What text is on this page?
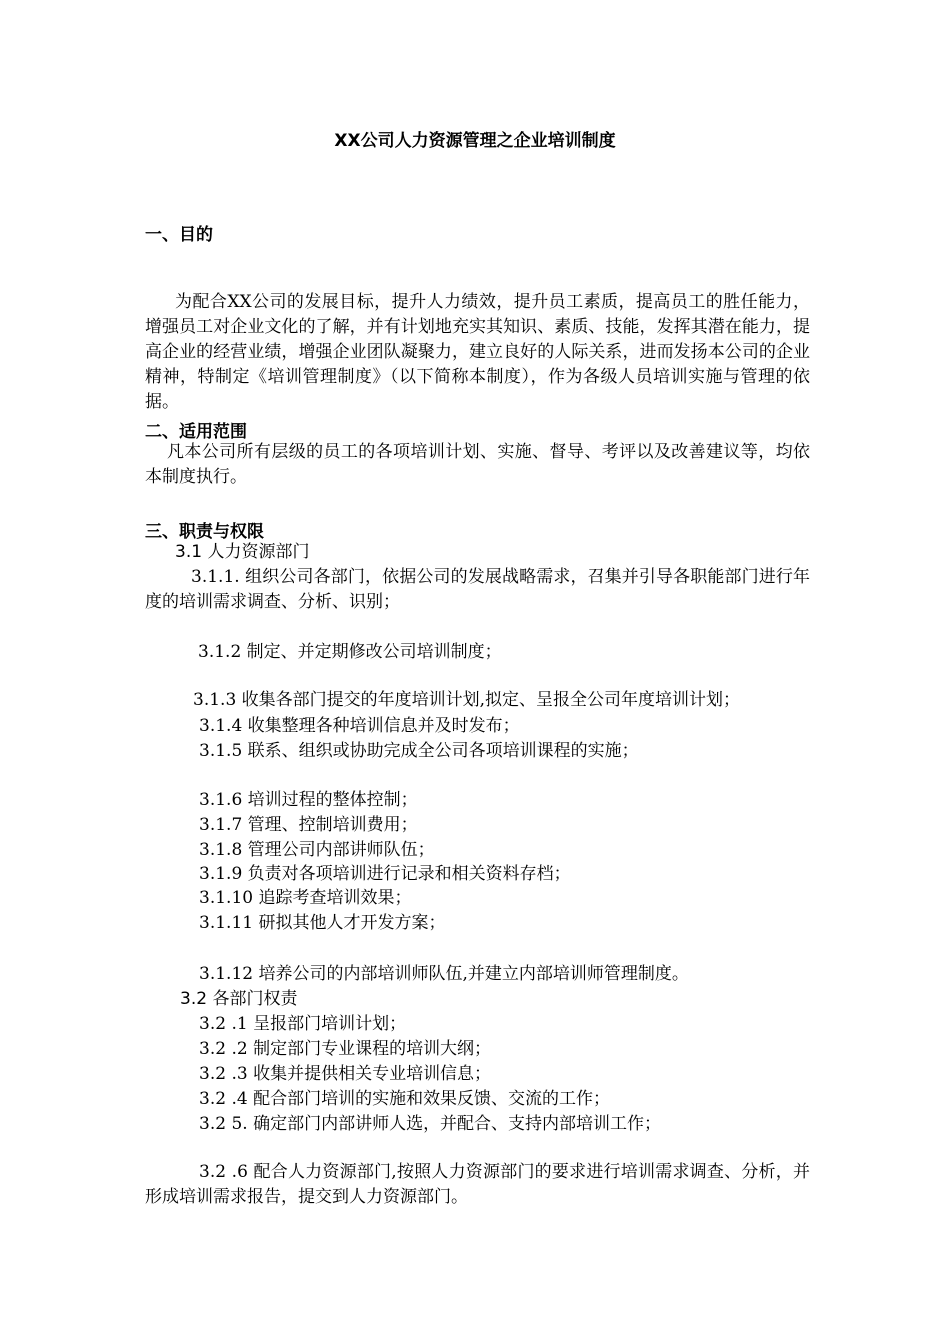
XX公司人力资源管理之企业培训制度
一、目的
为配合XX公司的发展目标，提升人力绩效，提升员工素质，提高员工的胜任能力，增强员工对企业文化的了解，并有计划地充实其知识、素质、技能，发挥其潜在能力，提高企业的经营业绩，增强企业团队凝聚力，建立良好的人际关系，进而发扬本公司的企业精神，特制定《培训管理制度》（以下简称本制度），作为各级人员培训实施与管理的依据。
二、适用范围
凡本公司所有层级的员工的各项培训计划、实施、督导、考评以及改善建议等，均依本制度执行。
三、职责与权限
3.1 人力资源部门
3.1.1. 组织公司各部门，依据公司的发展战略需求，召集并引导各职能部门进行年度的培训需求调查、分析、识别；
3.1.2 制定、并定期修改公司培训制度；
3.1.3 收集各部门提交的年度培训计划,拟定、呈报全公司年度培训计划；
3.1.4 收集整理各种培训信息并及时发布；
3.1.5 联系、组织或协助完成全公司各项培训课程的实施；
3.1.6 培训过程的整体控制；
3.1.7 管理、控制培训费用；
3.1.8 管理公司内部讲师队伍；
3.1.9 负责对各项培训进行记录和相关资料存档；
3.1.10 追踪考查培训效果；
3.1.11 研拟其他人才开发方案；
3.1.12 培养公司的内部培训师队伍,并建立内部培训师管理制度。
3.2 各部门权责
3.2 .1 呈报部门培训计划；
3.2 .2 制定部门专业课程的培训大纲；
3.2 .3 收集并提供相关专业培训信息；
3.2 .4 配合部门培训的实施和效果反馈、交流的工作；
3.2 5. 确定部门内部讲师人选，并配合、支持内部培训工作；
3.2 .6 配合人力资源部门,按照人力资源部门的要求进行培训需求调查、分析，并形成培训需求报告，提交到人力资源部门。
